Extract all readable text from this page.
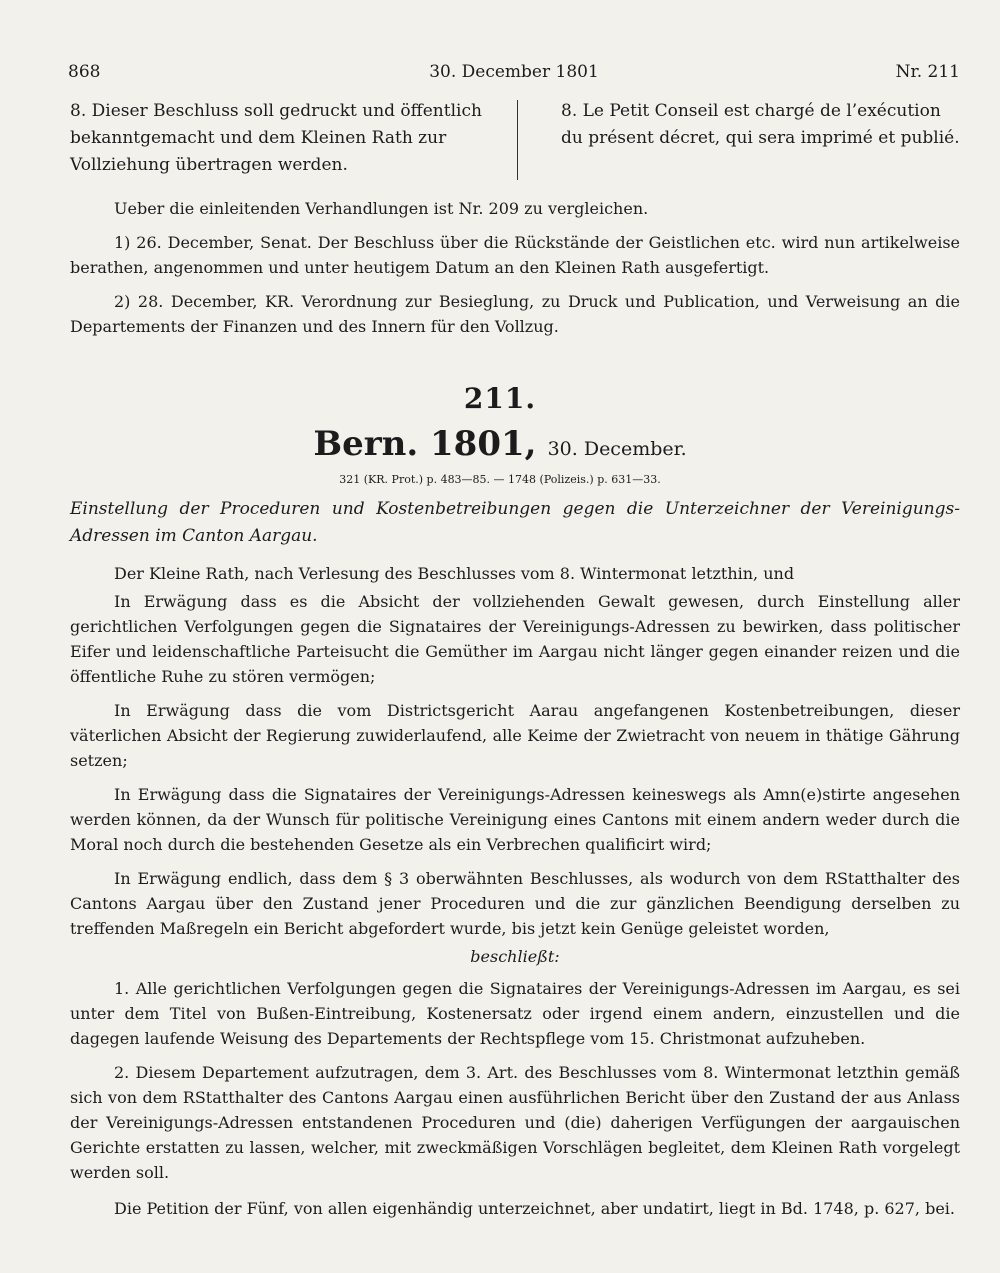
868	30. December 1801	Nr. 211
8. Dieser Beschluss soll gedruckt und öffentlich bekanntgemacht und dem Kleinen Rath zur Vollziehung übertragen werden.
8. Le Petit Conseil est chargé de l’exécution du présent décret, qui sera imprimé et publié.

Ueber die einleitenden Verhandlungen ist Nr. 209 zu vergleichen.

1) 26. December, Senat. Der Beschluss über die Rückstände der Geistlichen etc. wird nun artikelweise berathen, angenommen und unter heutigem Datum an den Kleinen Rath ausgefertigt.

2) 28. December, KR. Verordnung zur Besieglung, zu Druck und Publication, und Verweisung an die Departements der Finanzen und des Innern für den Vollzug.

211.
Bern. 1801, 30. December.
321 (KR. Prot.) p. 483—85. — 1748 (Polizeis.) p. 631—33.
Einstellung der Proceduren und Kostenbetreibungen gegen die Unterzeichner der Vereinigungs-Adressen im Canton Aargau.

Der Kleine Rath, nach Verlesung des Beschlusses vom 8. Wintermonat letzthin, und

In Erwägung dass es die Absicht der vollziehenden Gewalt gewesen, durch Einstellung aller gerichtlichen Verfolgungen gegen die Signataires der Vereinigungs-Adressen zu bewirken, dass politischer Eifer und leidenschaftliche Parteisucht die Gemüther im Aargau nicht länger gegen einander reizen und die öffentliche Ruhe zu stören vermögen;

In Erwägung dass die vom Districtsgericht Aarau angefangenen Kostenbetreibungen, dieser väterlichen Absicht der Regierung zuwiderlaufend, alle Keime der Zwietracht von neuem in thätige Gährung setzen;

In Erwägung dass die Signataires der Vereinigungs-Adressen keineswegs als Amn(e)stirte angesehen werden können, da der Wunsch für politische Vereinigung eines Cantons mit einem andern weder durch die Moral noch durch die bestehenden Gesetze als ein Verbrechen qualificirt wird;

In Erwägung endlich, dass dem § 3 oberwähnten Beschlusses, als wodurch von dem RStatthalter des Cantons Aargau über den Zustand jener Proceduren und die zur gänzlichen Beendigung derselben zu treffenden Maßregeln ein Bericht abgefordert wurde, bis jetzt kein Genüge geleistet worden,

beschließt:

1. Alle gerichtlichen Verfolgungen gegen die Signataires der Vereinigungs-Adressen im Aargau, es sei unter dem Titel von Bußen-Eintreibung, Kostenersatz oder irgend einem andern, einzustellen und die dagegen laufende Weisung des Departements der Rechtspflege vom 15. Christmonat aufzuheben.

2. Diesem Departement aufzutragen, dem 3. Art. des Beschlusses vom 8. Wintermonat letzthin gemäß sich von dem RStatthalter des Cantons Aargau einen ausführlichen Bericht über den Zustand der aus Anlass der Vereinigungs-Adressen entstandenen Proceduren und (die) daherigen Verfügungen der aargauischen Gerichte erstatten zu lassen, welcher, mit zweckmäßigen Vorschlägen begleitet, dem Kleinen Rath vorgelegt werden soll.

Die Petition der Fünf, von allen eigenhändig unterzeichnet, aber undatirt, liegt in Bd. 1748, p. 627, bei.
